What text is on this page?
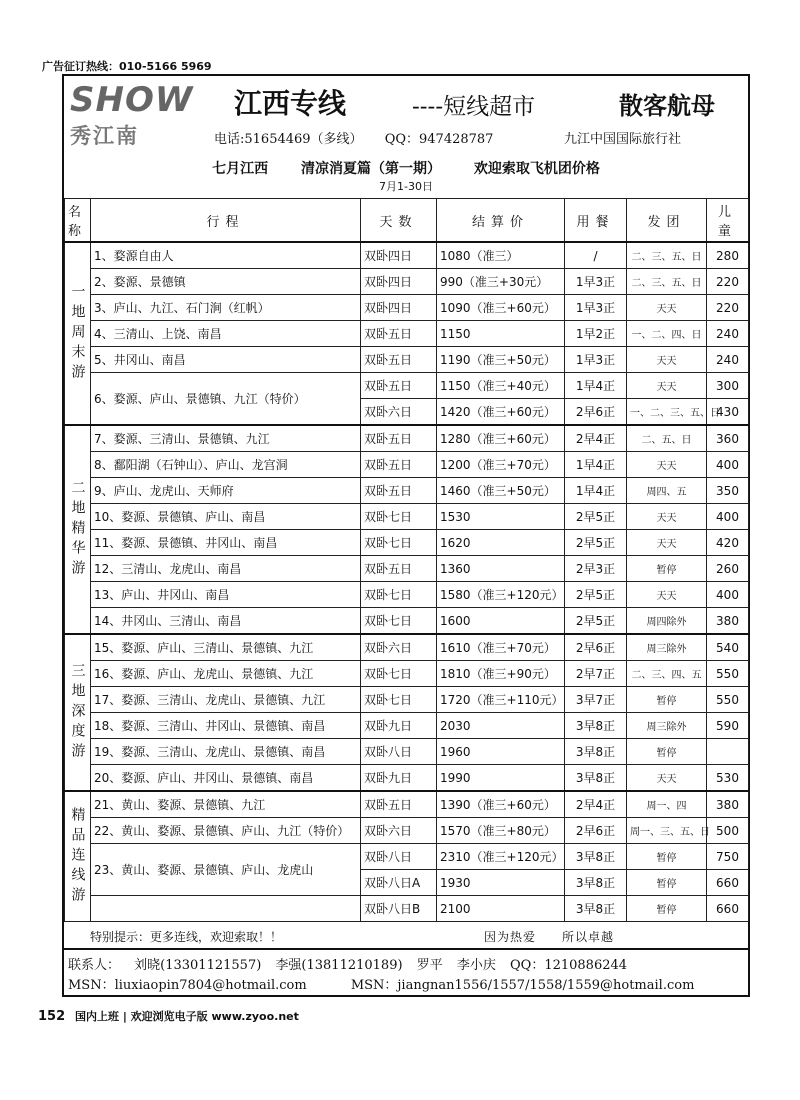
广告征订热线：010-5166 5969
SHOW
秀江南
江西专线	----短线超市	散客航母
电话:51654469（多线） QQ：947428787	九江中国国际旅行社
七月江西 清凉消夏篇（第一期） 欢迎索取飞机团价格
7月1-30日
名称	行程	天数	结算价	用餐	发团	儿童
一地周末游	1、婺源自由人	双卧四日	1080（准三）	/	二、三、五、日	280
	2、婺源、景德镇	双卧四日	990（准三+30元）	1早3正	二、三、五、日	220
	3、庐山、九江、石门涧（红帆）	双卧四日	1090（准三+60元）	1早3正	天天	220
	4、三清山、上饶、南昌	双卧五日	1150	1早2正	一、二、四、日	240
	5、井冈山、南昌	双卧五日	1190（准三+50元）	1早3正	天天	240
	6、婺源、庐山、景德镇、九江（特价）	双卧五日	1150（准三+40元）	1早4正	天天	300
		双卧六日	1420（准三+60元）	2早6正	一、二、三、五、日	430
二地精华游	7、婺源、三清山、景德镇、九江	双卧五日	1280（准三+60元）	2早4正	二、五、日	360
	8、鄱阳湖（石钟山）、庐山、龙宫洞	双卧五日	1200（准三+70元）	1早4正	天天	400
	9、庐山、龙虎山、天师府	双卧五日	1460（准三+50元）	1早4正	周四、五	350
	10、婺源、景德镇、庐山、南昌	双卧七日	1530	2早5正	天天	400
	11、婺源、景德镇、井冈山、南昌	双卧七日	1620	2早5正	天天	420
	12、三清山、龙虎山、南昌	双卧五日	1360	2早3正	暂停	260
	13、庐山、井冈山、南昌	双卧七日	1580（准三+120元）	2早5正	天天	400
	14、井冈山、三清山、南昌	双卧七日	1600	2早5正	周四除外	380
三地深度游	15、婺源、庐山、三清山、景德镇、九江	双卧六日	1610（准三+70元）	2早6正	周三除外	540
	16、婺源、庐山、龙虎山、景德镇、九江	双卧七日	1810（准三+90元）	2早7正	二、三、四、五	550
	17、婺源、三清山、龙虎山、景德镇、九江	双卧七日	1720（准三+110元）	3早7正	暂停	550
	18、婺源、三清山、井冈山、景德镇、南昌	双卧九日	2030	3早8正	周三除外	590
	19、婺源、三清山、龙虎山、景德镇、南昌	双卧八日	1960	3早8正	暂停	
	20、婺源、庐山、井冈山、景德镇、南昌	双卧九日	1990	3早8正	天天	530
精品连线游	21、黄山、婺源、景德镇、九江	双卧五日	1390（准三+60元）	2早4正	周一、四	380
	22、黄山、婺源、景德镇、庐山、九江（特价）	双卧六日	1570（准三+80元）	2早6正	周一、三、五、日	500
	23、黄山、婺源、景德镇、庐山、龙虎山	双卧八日	2310（准三+120元）	3早8正	暂停	750
		双卧八日A	1930	3早8正	暂停	660
		双卧八日B	2100	3早8正	暂停	660
特别提示：更多连线，欢迎索取！！	因为热爱　　所以卓越
联系人： 刘晓(13301121557) 李强(13811210189) 罗平 李小庆 QQ：1210886244
MSN：liuxiaopin7804@hotmail.com	MSN：jiangnan1556/1557/1558/1559@hotmail.com
152 国内上班 | 欢迎浏览电子版 www.zyoo.net
